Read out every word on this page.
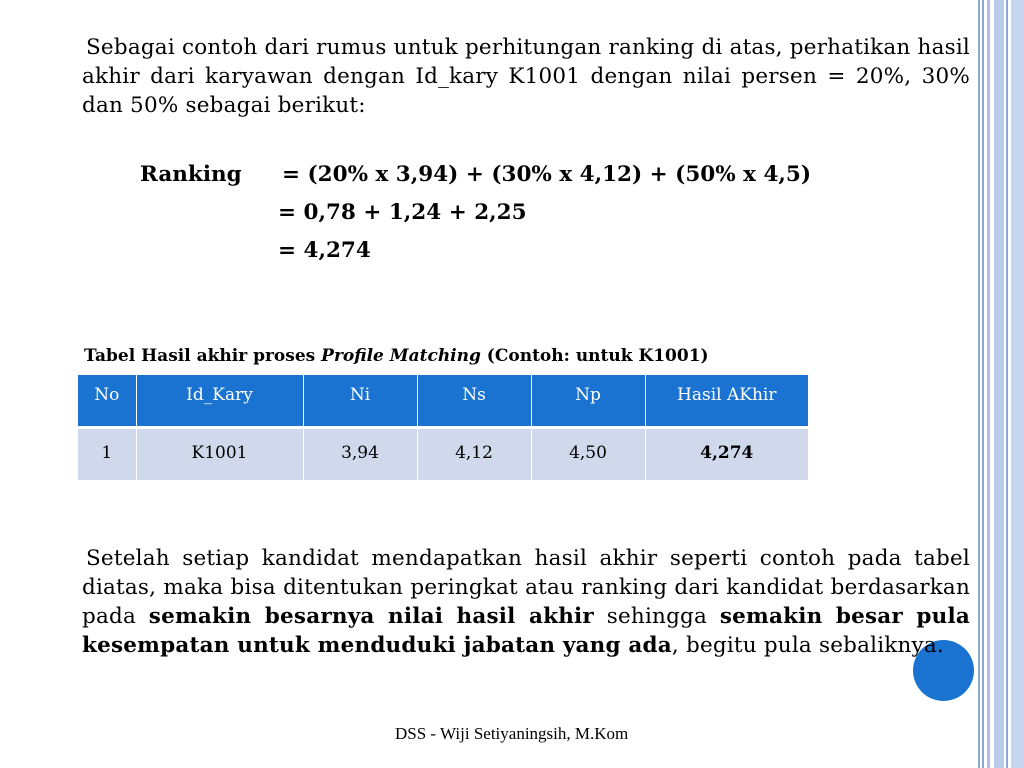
Sebagai contoh dari rumus untuk perhitungan ranking di atas, perhatikan hasil akhir dari karyawan dengan Id_kary K1001 dengan nilai persen = 20%, 30% dan 50% sebagai berikut:

Ranking = (20% x 3,94) + (30% x 4,12) + (50% x 4,5)
= 0,78 + 1,24 + 2,25
= 4,274
Tabel Hasil akhir proses Profile Matching (Contoh: untuk K1001)
No	Id_Kary	Ni	Ns	Np	Hasil AKhir
1	K1001	3,94	4,12	4,50	4,274

Setelah setiap kandidat mendapatkan hasil akhir seperti contoh pada tabel diatas, maka bisa ditentukan peringkat atau ranking dari kandidat berdasarkan pada semakin besarnya nilai hasil akhir sehingga semakin besar pula kesempatan untuk menduduki jabatan yang ada, begitu pula sebaliknya.

DSS - Wiji Setiyaningsih, M.Kom
